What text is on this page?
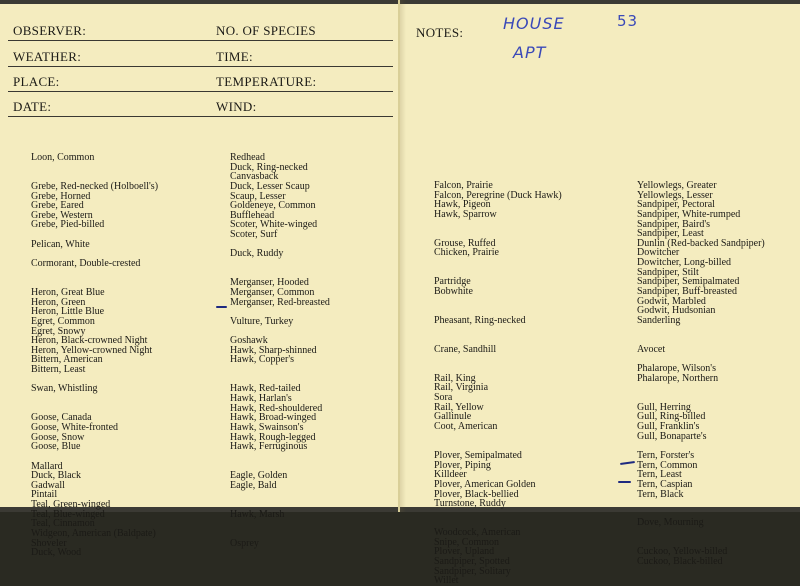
OBSERVER:	NO. OF SPECIES	NOTES:
WEATHER:	TIME:
PLACE:	TEMPERATURE:
DATE:	WIND:
HOUSE
APT
53
Loon, Common
Grebe, Red-necked (Holboell's)
Grebe, Horned
Grebe, Eared
Grebe, Western
Grebe, Pied-billed
Pelican, White
Cormorant, Double-crested
Heron, Great Blue
Heron, Green
Heron, Little Blue
Egret, Common
Egret, Snowy
Heron, Black-crowned Night
Heron, Yellow-crowned Night
Bittern, American
Bittern, Least
Swan, Whistling
Goose, Canada
Goose, White-fronted
Goose, Snow
Goose, Blue
Mallard
Duck, Black
Gadwall
Pintail
Teal, Green-winged
Teal, Blue-winged
Teal, Cinnamon
Widgeon, American (Baldpate)
Shoveler
Duck, Wood
Redhead
Duck, Ring-necked
Canvasback
Duck, Lesser Scaup
Scaup, Lesser
Goldeneye, Common
Bufflehead
Scoter, White-winged
Scoter, Surf
Duck, Ruddy
Merganser, Hooded
Merganser, Common
Merganser, Red-breasted
Vulture, Turkey
Goshawk
Hawk, Sharp-shinned
Hawk, Copper's
Hawk, Red-tailed
Hawk, Harlan's
Hawk, Red-shouldered
Hawk, Broad-winged
Hawk, Swainson's
Hawk, Rough-legged
Hawk, Ferruginous
Eagle, Golden
Eagle, Bald
Hawk, Marsh
Osprey
Falcon, Prairie
Falcon, Peregrine (Duck Hawk)
Hawk, Pigeon
Hawk, Sparrow
Grouse, Ruffed
Chicken, Prairie
Partridge
Bobwhite
Pheasant, Ring-necked
Crane, Sandhill
Rail, King
Rail, Virginia
Sora
Rail, Yellow
Gallinule
Coot, American
Plover, Semipalmated
Plover, Piping
Killdeer
Plover, American Golden
Plover, Black-bellied
Turnstone, Ruddy
Woodcock, American
Snipe, Common
Plover, Upland
Sandpiper, Spotted
Sandpiper, Solitary
Willet
Yellowlegs, Greater
Yellowlegs, Lesser
Sandpiper, Pectoral
Sandpiper, White-rumped
Sandpiper, Baird's
Sandpiper, Least
Dunlin (Red-backed Sandpiper)
Dowitcher
Dowitcher, Long-billed
Sandpiper, Stilt
Sandpiper, Semipalmated
Sandpiper, Buff-breasted
Godwit, Marbled
Godwit, Hudsonian
Sanderling
Avocet
Phalarope, Wilson's
Phalarope, Northern
Gull, Herring
Gull, Ring-billed
Gull, Franklin's
Gull, Bonaparte's
Tern, Forster's
Tern, Common
Tern, Least
Tern, Caspian
Tern, Black
Dove, Mourning
Cuckoo, Yellow-billed
Cuckoo, Black-billed
